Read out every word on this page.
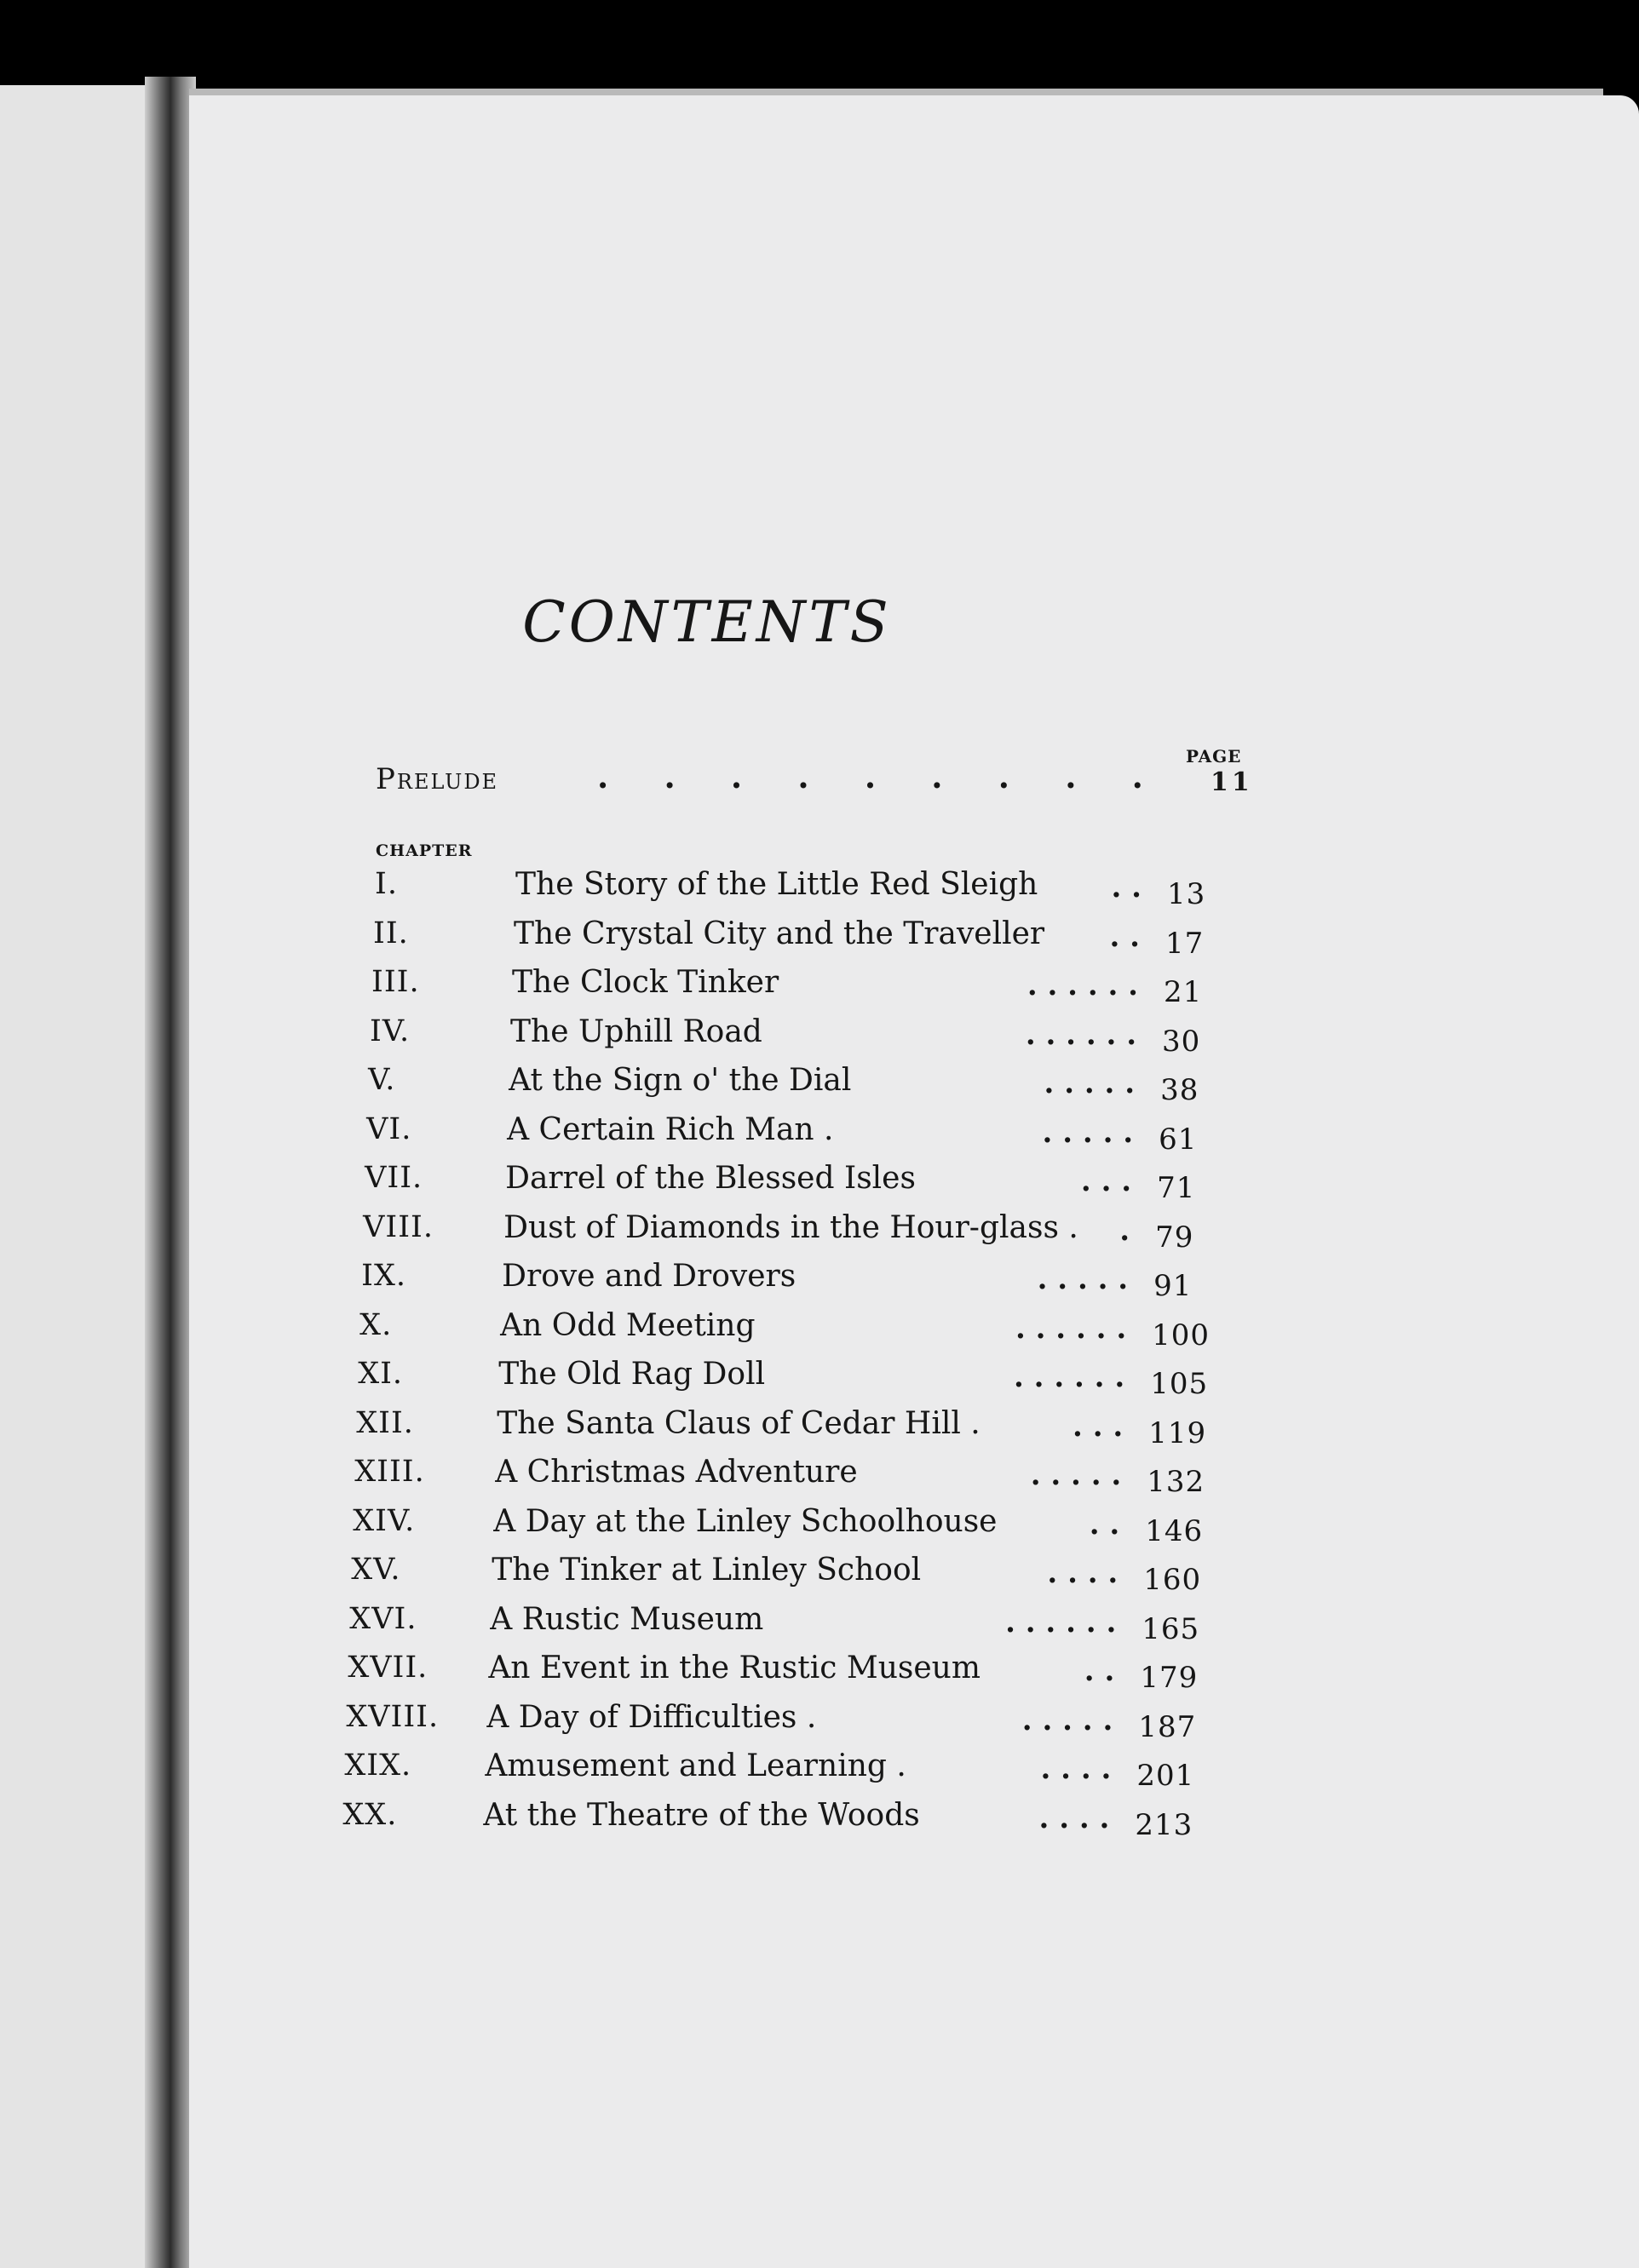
CONTENTS
PAGE
Prelude	. . . . . . . . . 11
CHAPTER
I.	The Story of the Little Red Sleigh	. . 13
II.	The Crystal City and the Traveller . . 17
III.	The Clock Tinker	. . . . . . 21
IV.	The Uphill Road	. . . . . . 30
V.	At the Sign o' the Dial	. . . . . 38
VI.	A Certain Rich Man .	. . . . . 61
VII.	Darrel of the Blessed Isles	. . . 71
VIII. Dust of Diamonds in the Hour-glass . . 79
IX.	Drove and Drovers	. . . . . 91
X.	An Odd Meeting	. . . . . . 100
XI.	The Old Rag Doll	. . . . . . 105
XII.	The Santa Claus of Cedar Hill .	. . . 119
XIII. A Christmas Adventure	. . . . . 132
XIV.	A Day at the Linley Schoolhouse	. . 146
XV.	The Tinker at Linley School	. . . . 160
XVI. A Rustic Museum	. . . . . . 165
XVII. An Event in the Rustic Museum	. . 179
XVIII. A Day of Difficulties .	. . . . . 187
XIX. Amusement and Learning .	. . . . 201
XX.	At the Theatre of the Woods	. . . . 213
